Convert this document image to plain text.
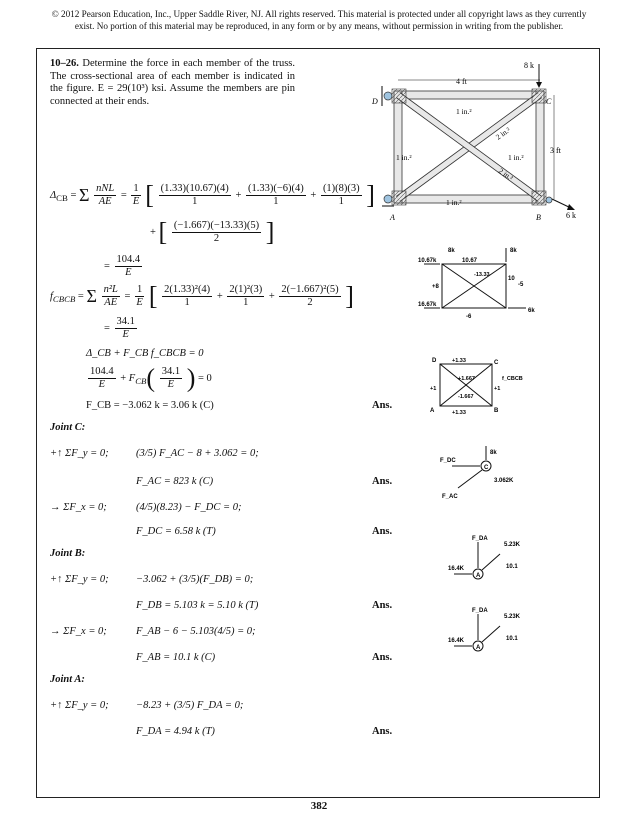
© 2012 Pearson Education, Inc., Upper Saddle River, NJ. All rights reserved. This material is protected under all copyright laws as they currently
exist. No portion of this material may be reproduced, in any form or by any means, without permission in writing from the publisher.
10–26. Determine the force in each member of the truss. The cross-sectional area of each member is indicated in the figure. E = 29(10³) ksi. Assume the members are pin connected at their ends.
8 k
6 k
4 ft
3 ft
D	C
A	B
1 in.²
1 in.²	1 in.²
1 in.²
2 in.²
2 in.²
$\Delta_{CB} = \Sigma \frac{\text{nNL}}{AE} = \frac{1}{E}$ [ $\frac{(1.33)(10.67)(4)}{1} + \frac{(1.33)(-6)(4)}{1} + \frac{(1)(8)(3)}{1}$ ]
+ [ $\frac{(-1.667)(-13.33)(5)}{2}$ ]
= $\frac{104.4}{E}$
$f_{CBCB} = \Sigma \frac{\text{n²L}}{AE} = \frac{1}{E}$ [ $\frac{\text{2(1.33)²(4)}}{1} + \frac{\text{2(1)²(3)}}{1} + \frac{\text{2(−1.667)²(5)}}{2}$ ]
= $\frac{34.1}{E}$
Δ_CB + F_CB f_CBCB = 0
$\frac{104.4}{E} + F_{CB}( \frac{34.1}{E}$ ) = 0
F_CB = −3.062 k = 3.06 k (C)	Ans.
8k	8k
10.67
10.67k
-13.33
10
+8	-5
-6
16.67k
6k
D	C
A	B
+1.33
+1.667
-1.667
+1.33
+1	+1
f_CBCB
Joint C:
+↑ ΣF_y = 0;	(3/5) F_AC − 8 + 3.062 = 0;
F_AC = 823 k (C)	Ans.
→ ΣF_x = 0;	(4/5)(8.23) − F_DC = 0;
F_DC = 6.58 k (T)	Ans.
8k
F_DC
F_AC
3.062K
C
Joint B:
+↑ ΣF_y = 0;	−3.062 + (3/5)(F_DB) = 0;
F_DB = 5.103 k = 5.10 k (T)	Ans.
→ ΣF_x = 0;	F_AB − 6 − 5.103(4/5) = 0;
F_AB = 10.1 k (C)	Ans.
F_DA
5.23K
10.1
16.4K
A
F_DA
5.23K
10.1
16.4K
A
Joint A:
+↑ ΣF_y = 0;	−8.23 + (3/5) F_DA = 0;
F_DA = 4.94 k (T)	Ans.
382
